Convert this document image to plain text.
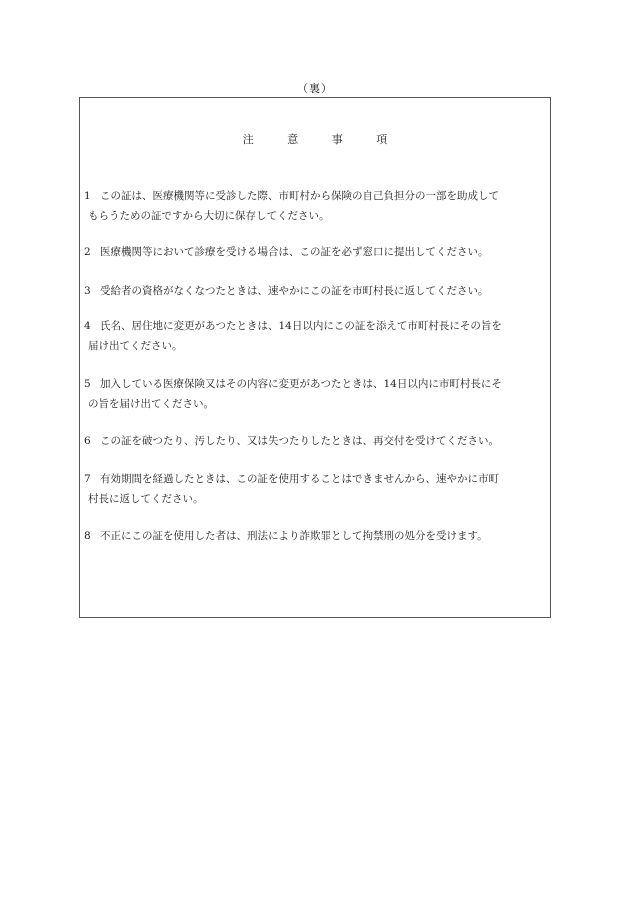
（裏）
注	意	事	項
1 この証は、医療機関等に受診した際、市町村から保険の自己負担分の一部を助成して
もらうための証ですから大切に保存してください。
2 医療機関等において診療を受ける場合は、この証を必ず窓口に提出してください。
3 受給者の資格がなくなつたときは、速やかにこの証を市町村長に返してください。
4 氏名、居住地に変更があつたときは、14日以内にこの証を添えて市町村長にその旨を
届け出てください。
5 加入している医療保険又はその内容に変更があつたときは、14日以内に市町村長にそ
の旨を届け出てください。
6 この証を破つたり、汚したり、又は失つたりしたときは、再交付を受けてください。
7 有効期間を経過したときは、この証を使用することはできませんから、速やかに市町
村長に返してください。
8 不正にこの証を使用した者は、刑法により詐欺罪として拘禁刑の処分を受けます。
